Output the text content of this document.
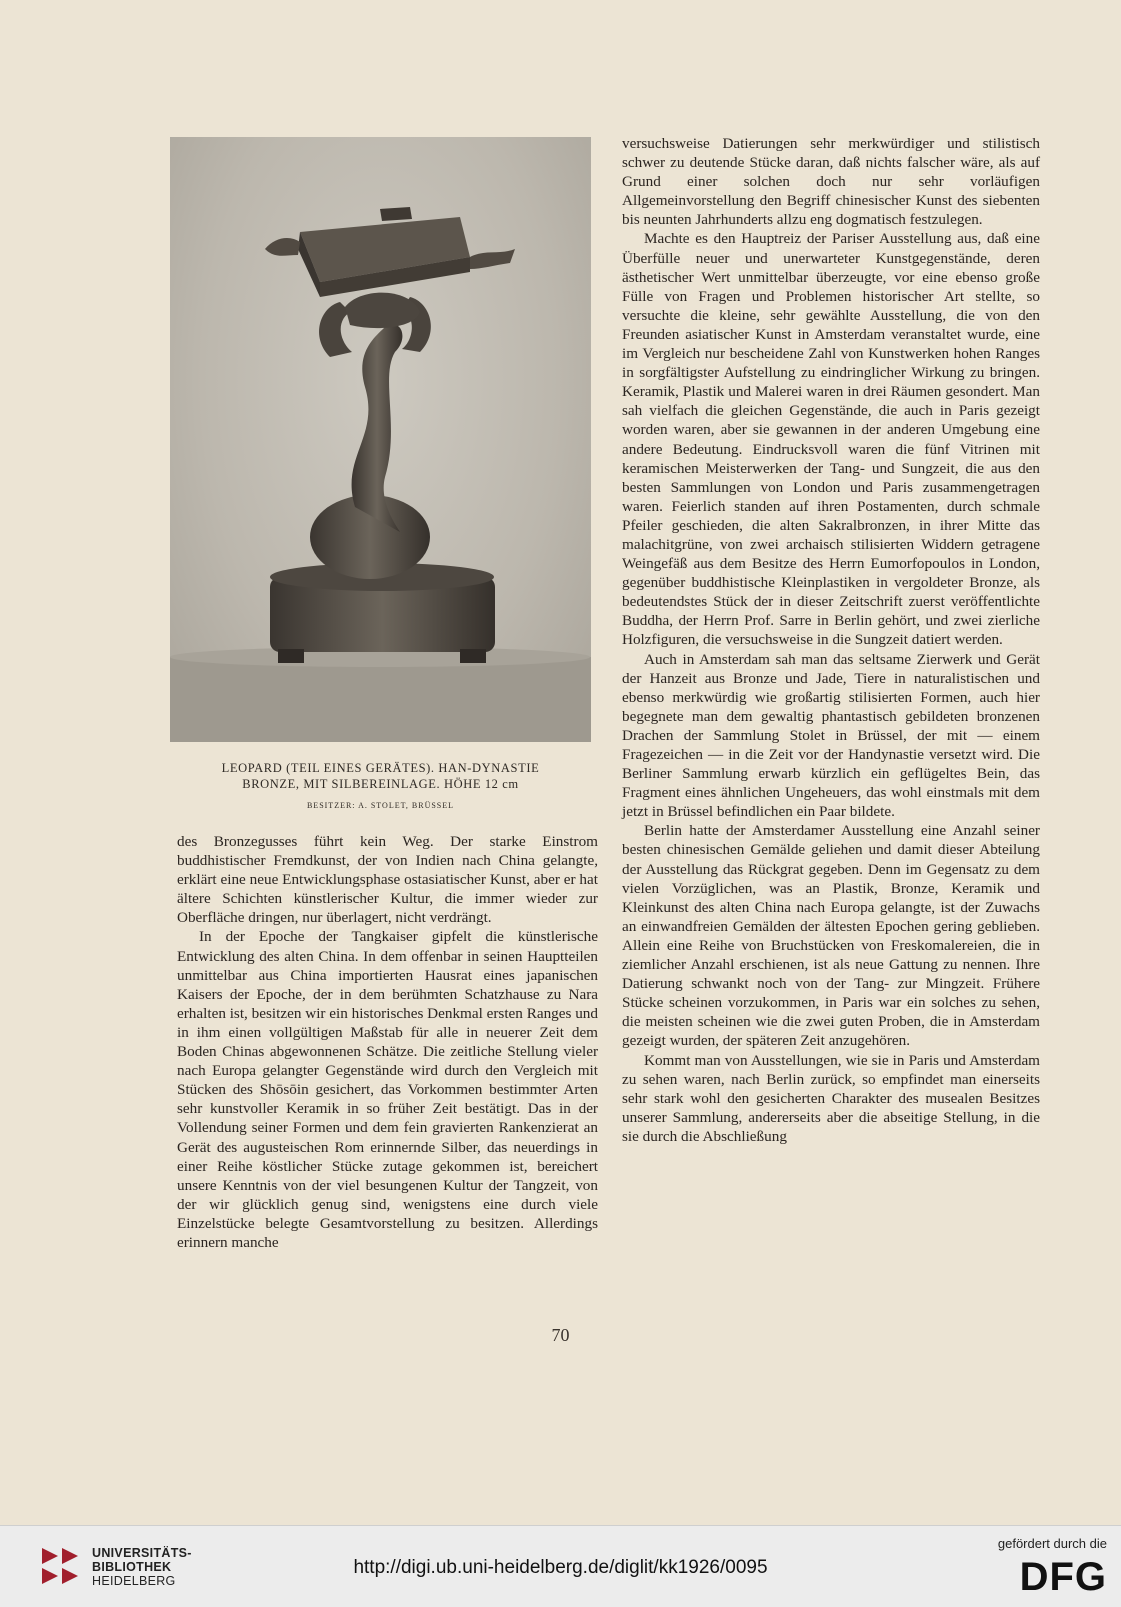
LEOPARD (TEIL EINES GERÄTES). HAN-DYNASTIE
BRONZE, MIT SILBEREINLAGE. HÖHE 12 cm
BESITZER: A. STOLET, BRÜSSEL

des Bronzegusses führt kein Weg. Der starke Einstrom buddhistischer Fremdkunst, der von Indien nach China gelangte, erklärt eine neue Entwicklungsphase ostasiatischer Kunst, aber er hat ältere Schichten künstlerischer Kultur, die immer wieder zur Oberfläche dringen, nur überlagert, nicht verdrängt.

In der Epoche der Tangkaiser gipfelt die künstlerische Entwicklung des alten China. In dem offenbar in seinen Hauptteilen unmittelbar aus China importierten Hausrat eines japanischen Kaisers der Epoche, der in dem berühmten Schatzhause zu Nara erhalten ist, besitzen wir ein historisches Denkmal ersten Ranges und in ihm einen vollgültigen Maßstab für alle in neuerer Zeit dem Boden Chinas abgewonnenen Schätze. Die zeitliche Stellung vieler nach Europa gelangter Gegenstände wird durch den Vergleich mit Stücken des Shōsōin gesichert, das Vorkommen bestimmter Arten sehr kunstvoller Keramik in so früher Zeit bestätigt. Das in der Vollendung seiner Formen und dem fein gravierten Rankenzierat an Gerät des augusteischen Rom erinnernde Silber, das neuerdings in einer Reihe köstlicher Stücke zutage gekommen ist, bereichert unsere Kenntnis von der viel besungenen Kultur der Tangzeit, von der wir glücklich genug sind, wenigstens eine durch viele Einzelstücke belegte Gesamtvorstellung zu besitzen. Allerdings erinnern manche

versuchsweise Datierungen sehr merkwürdiger und stilistisch schwer zu deutende Stücke daran, daß nichts falscher wäre, als auf Grund einer solchen doch nur sehr vorläufigen Allgemeinvorstellung den Begriff chinesischer Kunst des siebenten bis neunten Jahrhunderts allzu eng dogmatisch festzulegen.

Machte es den Hauptreiz der Pariser Ausstellung aus, daß eine Überfülle neuer und unerwarteter Kunstgegenstände, deren ästhetischer Wert unmittelbar überzeugte, vor eine ebenso große Fülle von Fragen und Problemen historischer Art stellte, so versuchte die kleine, sehr gewählte Ausstellung, die von den Freunden asiatischer Kunst in Amsterdam veranstaltet wurde, eine im Vergleich nur bescheidene Zahl von Kunstwerken hohen Ranges in sorgfältigster Aufstellung zu eindringlicher Wirkung zu bringen. Keramik, Plastik und Malerei waren in drei Räumen gesondert. Man sah vielfach die gleichen Gegenstände, die auch in Paris gezeigt worden waren, aber sie gewannen in der anderen Umgebung eine andere Bedeutung. Eindrucksvoll waren die fünf Vitrinen mit keramischen Meisterwerken der Tang- und Sungzeit, die aus den besten Sammlungen von London und Paris zusammengetragen waren. Feierlich standen auf ihren Postamenten, durch schmale Pfeiler geschieden, die alten Sakralbronzen, in ihrer Mitte das malachitgrüne, von zwei archaisch stilisierten Widdern getragene Weingefäß aus dem Besitze des Herrn Eumorfopoulos in London, gegenüber buddhistische Kleinplastiken in vergoldeter Bronze, als bedeutendstes Stück der in dieser Zeitschrift zuerst veröffentlichte Buddha, der Herrn Prof. Sarre in Berlin gehört, und zwei zierliche Holzfiguren, die versuchsweise in die Sungzeit datiert werden.

Auch in Amsterdam sah man das seltsame Zierwerk und Gerät der Hanzeit aus Bronze und Jade, Tiere in naturalistischen und ebenso merkwürdig wie großartig stilisierten Formen, auch hier begegnete man dem gewaltig phantastisch gebildeten bronzenen Drachen der Sammlung Stolet in Brüssel, der mit — einem Fragezeichen — in die Zeit vor der Handynastie versetzt wird. Die Berliner Sammlung erwarb kürzlich ein geflügeltes Bein, das Fragment eines ähnlichen Ungeheuers, das wohl einstmals mit dem jetzt in Brüssel befindlichen ein Paar bildete.

Berlin hatte der Amsterdamer Ausstellung eine Anzahl seiner besten chinesischen Gemälde geliehen und damit dieser Abteilung der Ausstellung das Rückgrat gegeben. Denn im Gegensatz zu dem vielen Vorzüglichen, was an Plastik, Bronze, Keramik und Kleinkunst des alten China nach Europa gelangte, ist der Zuwachs an einwandfreien Gemälden der ältesten Epochen gering geblieben. Allein eine Reihe von Bruchstücken von Freskomalereien, die in ziemlicher Anzahl erschienen, ist als neue Gattung zu nennen. Ihre Datierung schwankt noch von der Tang- zur Mingzeit. Frühere Stücke scheinen vorzukommen, in Paris war ein solches zu sehen, die meisten scheinen wie die zwei guten Proben, die in Amsterdam gezeigt wurden, der späteren Zeit anzugehören.

Kommt man von Ausstellungen, wie sie in Paris und Amsterdam zu sehen waren, nach Berlin zurück, so empfindet man einerseits sehr stark wohl den gesicherten Charakter des musealen Besitzes unserer Sammlung, andererseits aber die abseitige Stellung, in die sie durch die Abschließung

70
UNIVERSITÄTS-
BIBLIOTHEK
HEIDELBERG
http://digi.ub.uni-heidelberg.de/diglit/kk1926/0095
gefördert durch die
DFG
